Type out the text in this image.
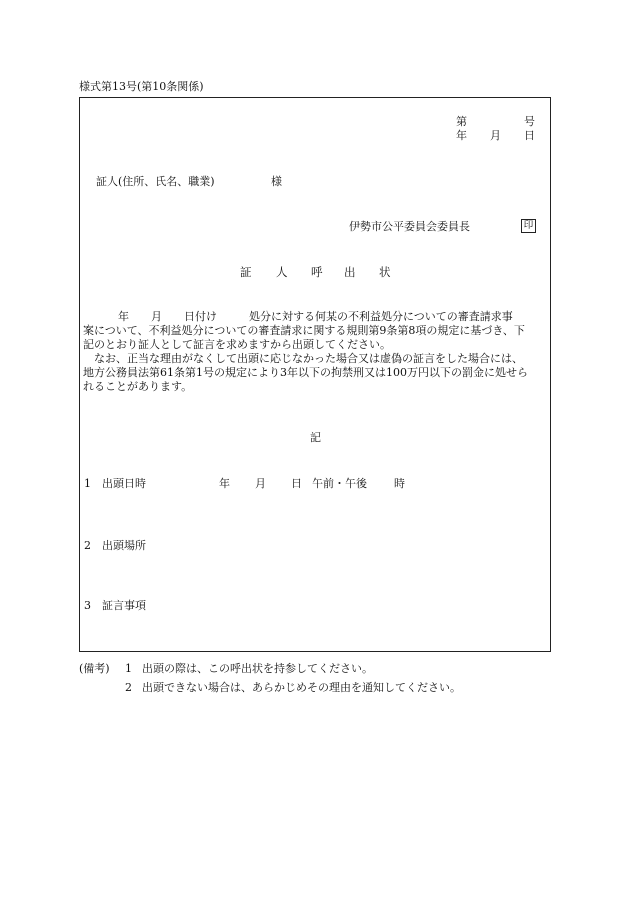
様式第13号(第10条関係)
第	号
年 月 日
証人(住所、氏名、職業)	様
伊勢市公平委員会委員長	印
証 人 呼 出 状

年 月 日付け	処分に対する何某の不利益処分についての審査請求事

案について、不利益処分についての審査請求に関する規則第9条第8項の規定に基づき、下

記のとおり証人として証言を求めますから出頭してください。

なお、正当な理由がなくして出頭に応じなかった場合又は虚偽の証言をした場合には、

地方公務員法第61条第1号の規定により3年以下の拘禁刑又は100万円以下の罰金に処せら

れることがあります。

記
1 出頭日時	年 月 日 午前・午後 時
2 出頭場所
3 証言事項
(備考) 1 出頭の際は、この呼出状を持参してください。
2 出頭できない場合は、あらかじめその理由を通知してください。
